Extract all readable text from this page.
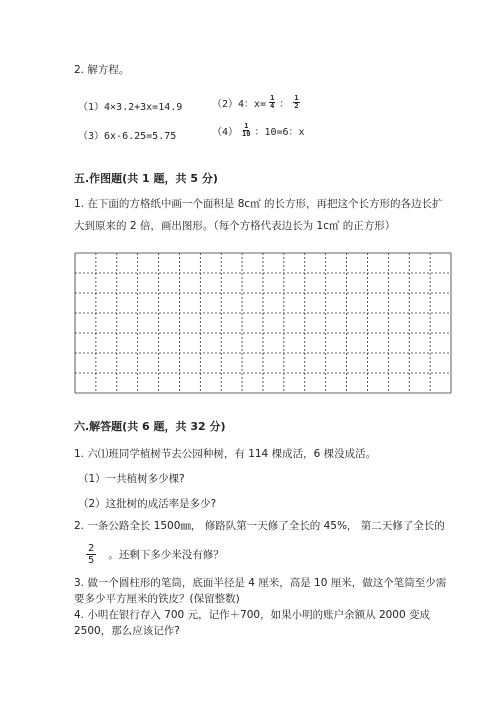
2. 解方程。
（1）4×3.2+3x=14.9	（2）4：$x= \frac{1}{4}$ ： $\frac{1}{2}$
（3）6x-6.25=5.75	$(4) \frac{1}{10}$ ：10=6：x
五.作图题(共 1 题，共 5 分)
1. 在下面的方格纸中画一个面积是 8c㎡ 的长方形，再把这个长方形的各边长扩
大到原来的 2 倍，画出图形。（每个方格代表边长为 1c㎡ 的正方形）
六.解答题(共 6 题，共 32 分)
1. 六⑴班同学植树节去公园种树，有 114 棵成活，6 棵没成活。
（1）一共植树多少棵?
（2）这批树的成活率是多少?
2. 一条公路全长 1500㎜， 修路队第一天修了全长的 45%， 第二天修了全长的
$\frac{2}{5}$ 。还剩下多少米没有修？
3. 做一个圆柱形的笔筒，底面半径是 4 厘米，高是 10 厘米，做这个笔筒至少需
要多少平方厘米的铁皮？(保留整数)
4. 小明在银行存入 700 元，记作＋700，如果小明的账户余额从 2000 变成
2500，那么应该记作?
